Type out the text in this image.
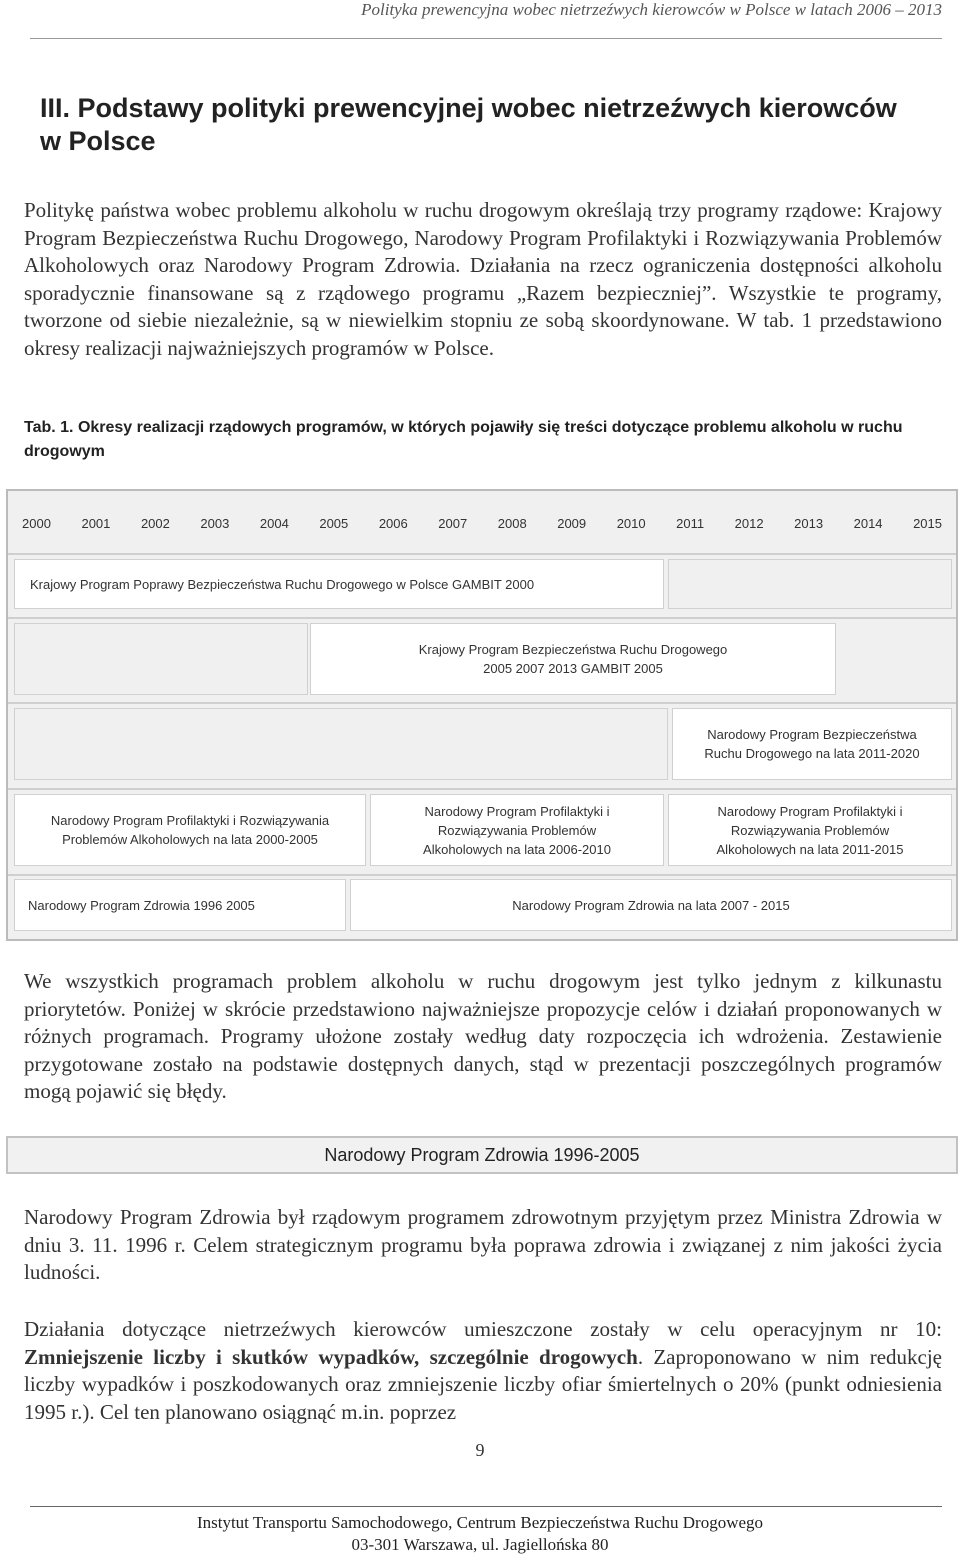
Polityka prewencyjna wobec nietrzeźwych kierowców w Polsce w latach 2006 – 2013
III. Podstawy polityki prewencyjnej wobec nietrzeźwych kierowców w Polsce

Politykę państwa wobec problemu alkoholu w ruchu drogowym określają trzy programy rządowe: Krajowy Program Bezpieczeństwa Ruchu Drogowego, Narodowy Program Profilaktyki i Rozwiązywania Problemów Alkoholowych oraz Narodowy Program Zdrowia. Działania na rzecz ograniczenia dostępności alkoholu sporadycznie finansowane są z rządowego programu „Razem bezpieczniej”. Wszystkie te programy, tworzone od siebie niezależnie, są w niewielkim stopniu ze sobą skoordynowane. W tab. 1 przedstawiono okresy realizacji najważniejszych programów w Polsce.

Tab. 1. Okresy realizacji rządowych programów, w których pojawiły się treści dotyczące problemu alkoholu w ruchu drogowym

2000 2001 2002 2003 2004 2005 2006 2007 2008 2009 2010 2011 2012 2013 2014 2015
Krajowy Program Poprawy Bezpieczeństwa Ruchu Drogowego w Polsce GAMBIT 2000
Krajowy Program Bezpieczeństwa Ruchu Drogowego
2005 2007 2013 GAMBIT 2005
Narodowy Program Bezpieczeństwa
Ruchu Drogowego na lata 2011-2020
Narodowy Program Profilaktyki i Rozwiązywania
Problemów Alkoholowych na lata 2000-2005
Narodowy Program Profilaktyki i
Rozwiązywania Problemów
Alkoholowych na lata 2006-2010
Narodowy Program Profilaktyki i
Rozwiązywania Problemów
Alkoholowych na lata 2011-2015
Narodowy Program Zdrowia 1996 2005	Narodowy Program Zdrowia na lata 2007 - 2015

We wszystkich programach problem alkoholu w ruchu drogowym jest tylko jednym z kilkunastu priorytetów. Poniżej w skrócie przedstawiono najważniejsze propozycje celów i działań proponowanych w różnych programach. Programy ułożone zostały według daty rozpoczęcia ich wdrożenia. Zestawienie przygotowane zostało na podstawie dostępnych danych, stąd w prezentacji poszczególnych programów mogą pojawić się błędy.

Narodowy Program Zdrowia 1996-2005

Narodowy Program Zdrowia był rządowym programem zdrowotnym przyjętym przez Ministra Zdrowia w dniu 3. 11. 1996 r. Celem strategicznym programu była poprawa zdrowia i związanej z nim jakości życia ludności.

Działania dotyczące nietrzeźwych kierowców umieszczone zostały w celu operacyjnym nr 10: Zmniejszenie liczby i skutków wypadków, szczególnie drogowych. Zaproponowano w nim redukcję liczby wypadków i poszkodowanych oraz zmniejszenie liczby ofiar śmiertelnych o 20% (punkt odniesienia 1995 r.). Cel ten planowano osiągnąć m.in. poprzez

9
Instytut Transportu Samochodowego, Centrum Bezpieczeństwa Ruchu Drogowego
03-301 Warszawa, ul. Jagiellońska 80
